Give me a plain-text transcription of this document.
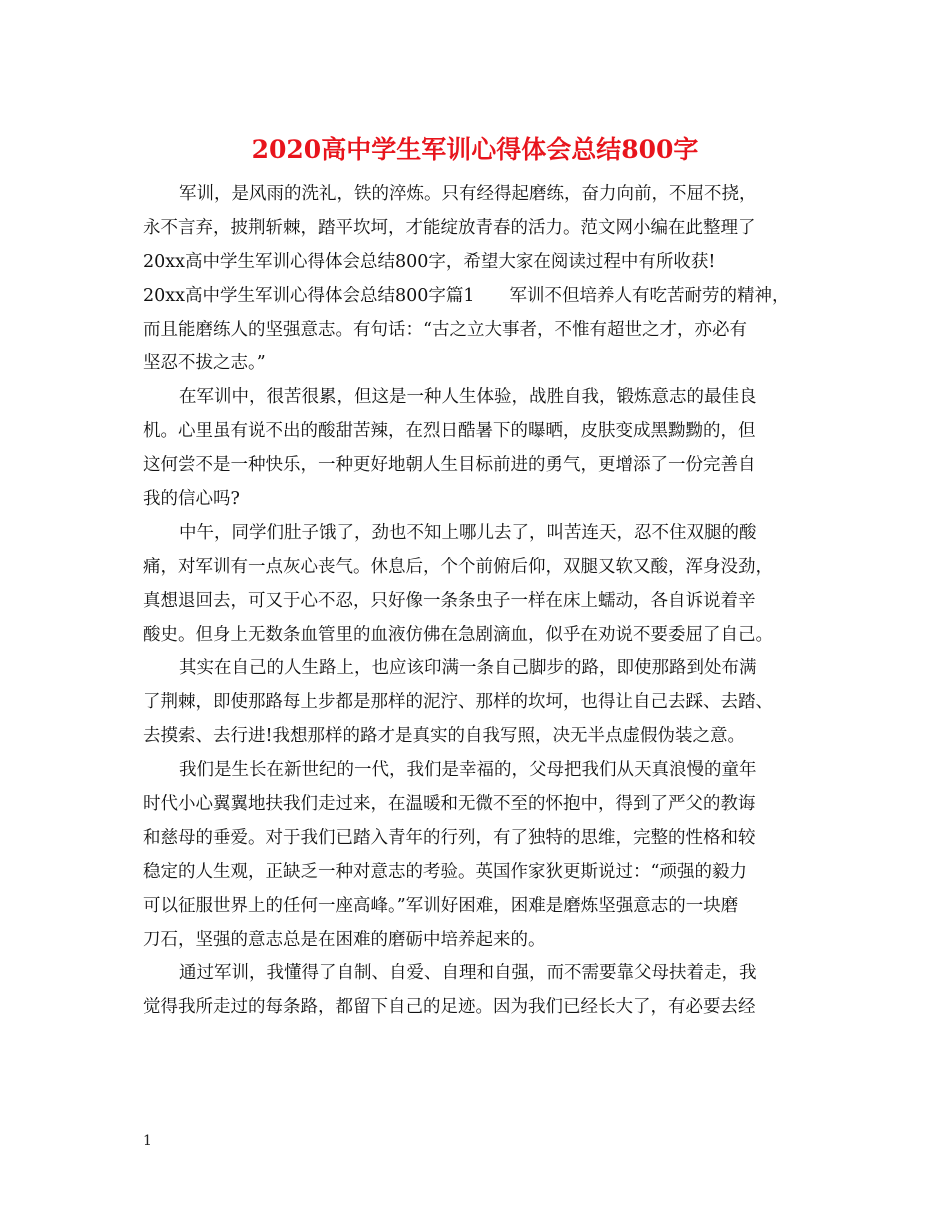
2020高中学生军训心得体会总结800字
军训，是风雨的洗礼，铁的淬炼。只有经得起磨练，奋力向前，不屈不挠，
永不言弃，披荆斩棘，踏平坎坷，才能绽放青春的活力。范文网小编在此整理了
20xx高中学生军训心得体会总结800字，希望大家在阅读过程中有所收获!
20xx高中学生军训心得体会总结800字篇1　　军训不但培养人有吃苦耐劳的精神，
而且能磨练人的坚强意志。有句话：“古之立大事者，不惟有超世之才，亦必有
坚忍不拔之志。”
在军训中，很苦很累，但这是一种人生体验，战胜自我，锻炼意志的最佳良
机。心里虽有说不出的酸甜苦辣，在烈日酷暑下的曝晒，皮肤变成黑黝黝的，但
这何尝不是一种快乐，一种更好地朝人生目标前进的勇气，更增添了一份完善自
我的信心吗?
中午，同学们肚子饿了，劲也不知上哪儿去了，叫苦连天，忍不住双腿的酸
痛，对军训有一点灰心丧气。休息后，个个前俯后仰，双腿又软又酸，浑身没劲，
真想退回去，可又于心不忍，只好像一条条虫子一样在床上蠕动，各自诉说着辛
酸史。但身上无数条血管里的血液仿佛在急剧滴血，似乎在劝说不要委屈了自己。
其实在自己的人生路上，也应该印满一条自己脚步的路，即使那路到处布满
了荆棘，即使那路每上步都是那样的泥泞、那样的坎坷，也得让自己去踩、去踏、
去摸索、去行进!我想那样的路才是真实的自我写照，决无半点虚假伪装之意。
我们是生长在新世纪的一代，我们是幸福的，父母把我们从天真浪慢的童年
时代小心翼翼地扶我们走过来，在温暖和无微不至的怀抱中，得到了严父的教诲
和慈母的垂爱。对于我们已踏入青年的行列，有了独特的思维，完整的性格和较
稳定的人生观，正缺乏一种对意志的考验。英国作家狄更斯说过：“顽强的毅力
可以征服世界上的任何一座高峰。”军训好困难，困难是磨炼坚强意志的一块磨
刀石，坚强的意志总是在困难的磨砺中培养起来的。
通过军训，我懂得了自制、自爱、自理和自强，而不需要靠父母扶着走，我
觉得我所走过的每条路，都留下自己的足迹。因为我们已经长大了，有必要去经
1
